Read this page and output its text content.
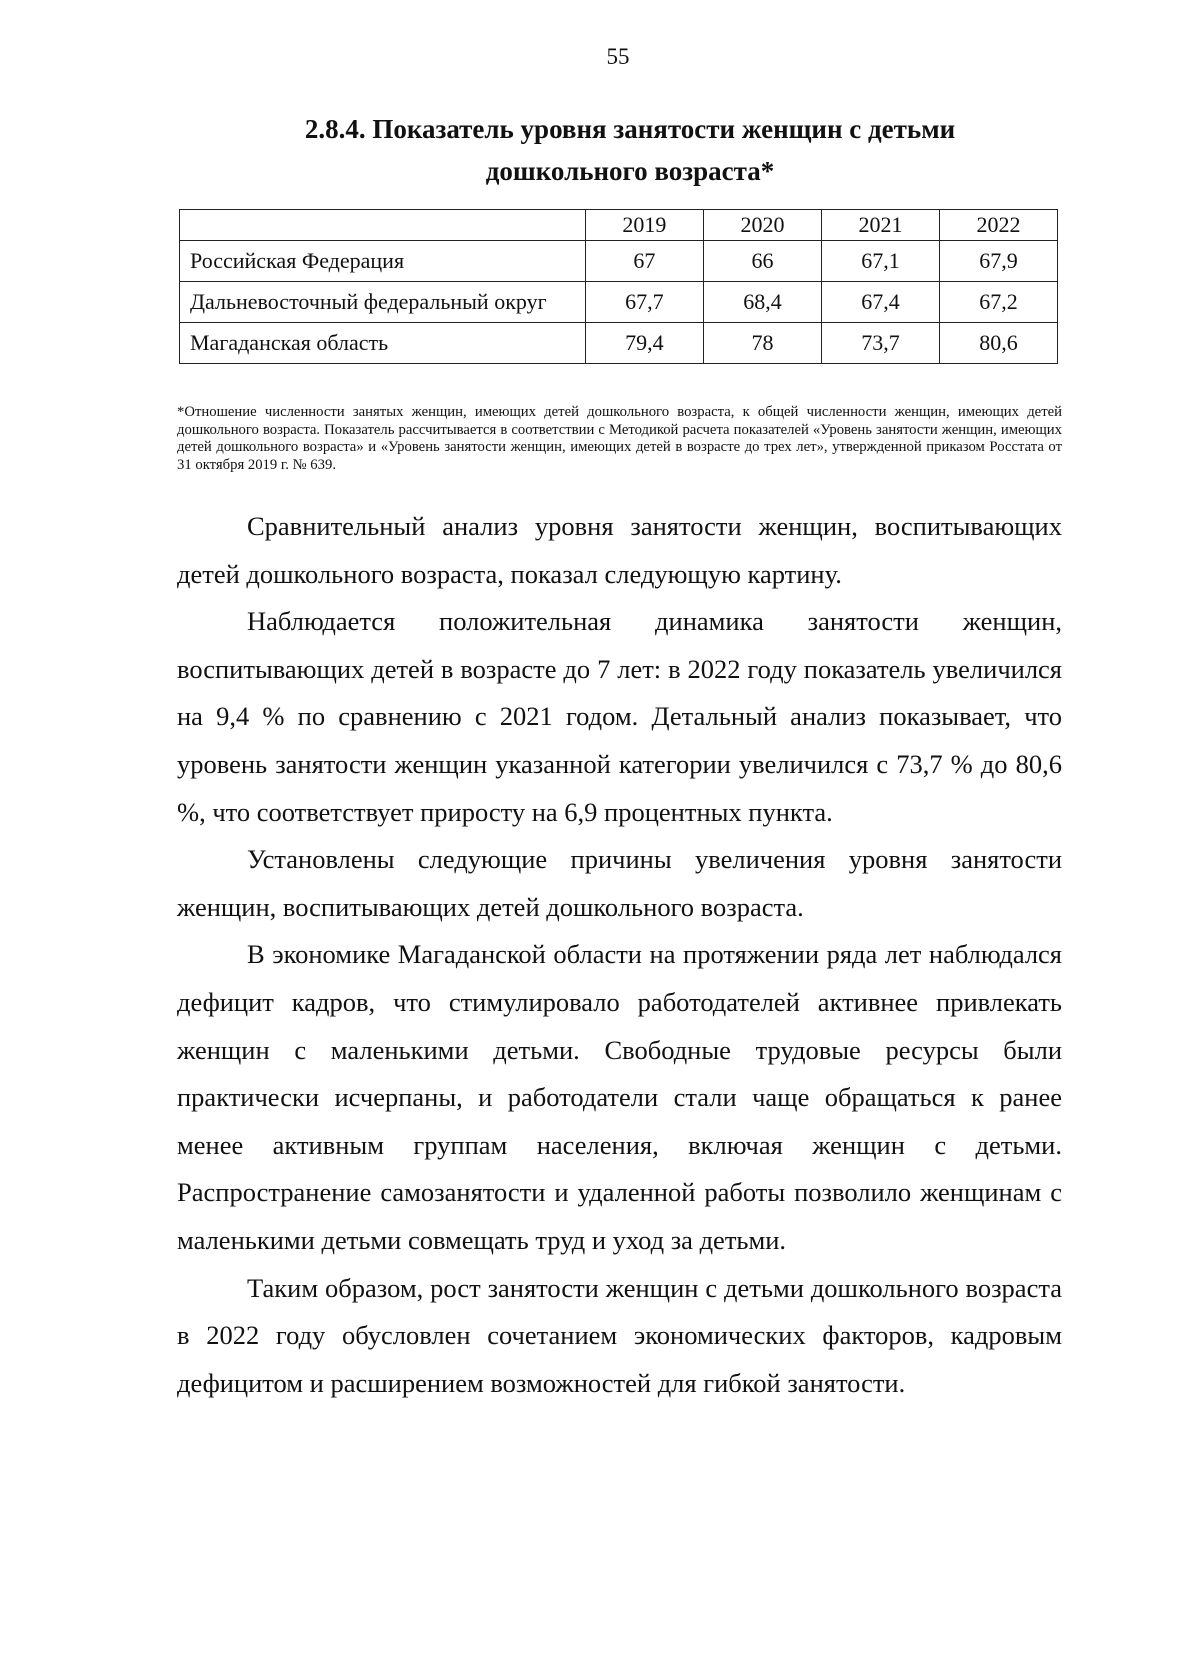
55
2.8.4. Показатель уровня занятости женщин с детьми
дошкольного возраста*
	2019	2020	2021	2022
Российская Федерация	67	66	67,1	67,9
Дальневосточный федеральный округ	67,7	68,4	67,4	67,2
Магаданская область	79,4	78	73,7	80,6
*Отношение численности занятых женщин, имеющих детей дошкольного возраста, к общей численности женщин, имеющих детей дошкольного возраста. Показатель рассчитывается в соответствии с Методикой расчета показателей «Уровень занятости женщин, имеющих детей дошкольного возраста» и «Уровень занятости женщин, имеющих детей в возрасте до трех лет», утвержденной приказом Росстата от 31 октября 2019 г. № 639.

Сравнительный анализ уровня занятости женщин, воспитывающих детей дошкольного возраста, показал следующую картину.

Наблюдается положительная динамика занятости женщин, воспитывающих детей в возрасте до 7 лет: в 2022 году показатель увеличился на 9,4 % по сравнению с 2021 годом. Детальный анализ показывает, что уровень занятости женщин указанной категории увеличился с 73,7 % до 80,6 %, что соответствует приросту на 6,9 процентных пункта.

Установлены следующие причины увеличения уровня занятости женщин, воспитывающих детей дошкольного возраста.

В экономике Магаданской области на протяжении ряда лет наблюдался дефицит кадров, что стимулировало работодателей активнее привлекать женщин с маленькими детьми. Свободные трудовые ресурсы были практически исчерпаны, и работодатели стали чаще обращаться к ранее менее активным группам населения, включая женщин с детьми. Распространение самозанятости и удаленной работы позволило женщинам с маленькими детьми совмещать труд и уход за детьми.

Таким образом, рост занятости женщин с детьми дошкольного возраста в 2022 году обусловлен сочетанием экономических факторов, кадровым дефицитом и расширением возможностей для гибкой занятости.
